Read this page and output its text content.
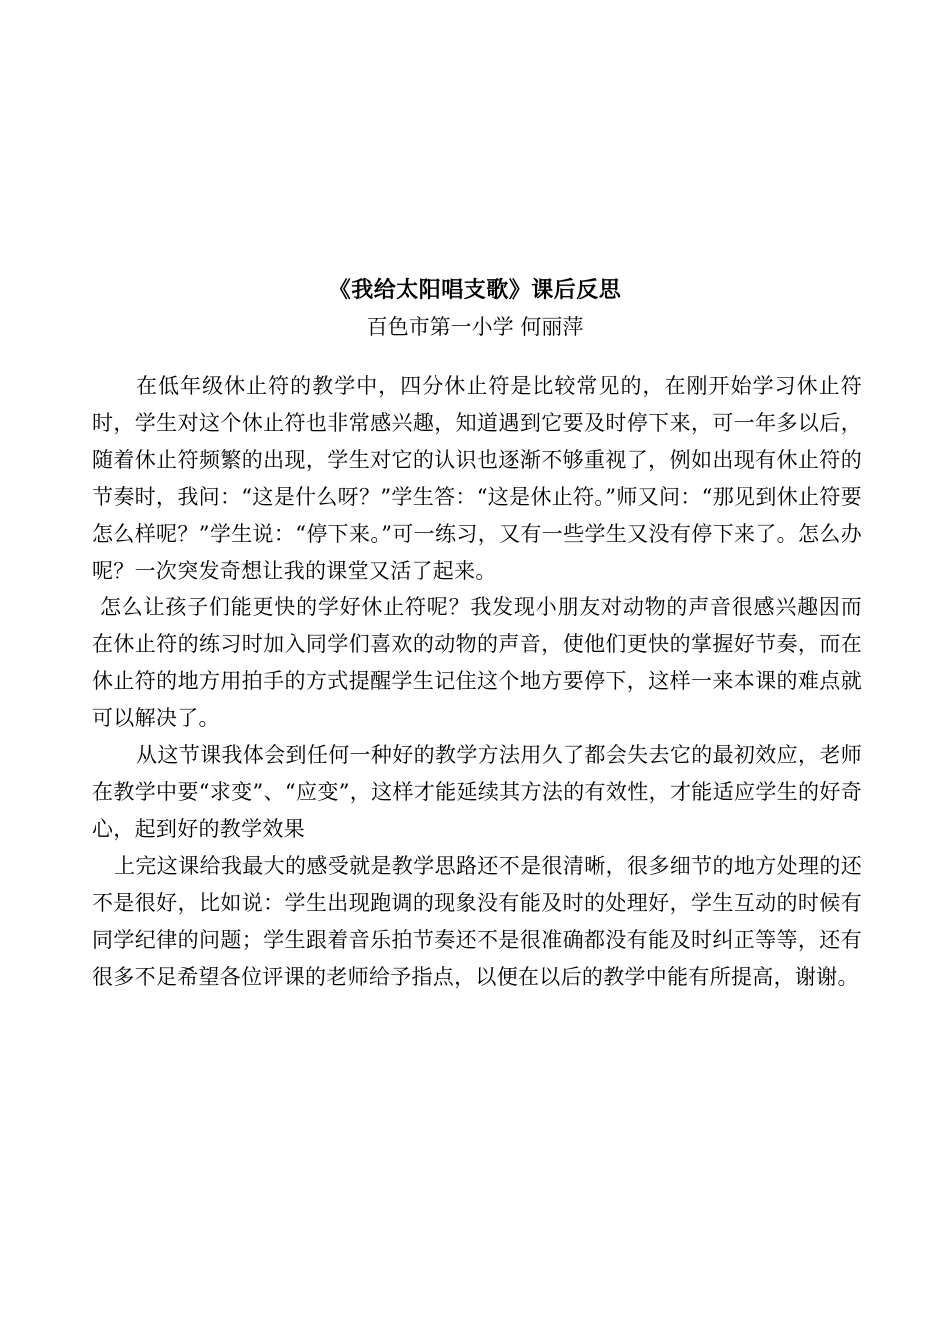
《我给太阳唱支歌》课后反思
百色市第一小学 何丽萍

在低年级休止符的教学中，四分休止符是比较常见的，在刚开始学习休止符时，学生对这个休止符也非常感兴趣，知道遇到它要及时停下来，可一年多以后，随着休止符频繁的出现，学生对它的认识也逐渐不够重视了，例如出现有休止符的节奏时，我问：“这是什么呀？”学生答：“这是休止符。”师又问：“那见到休止符要怎么样呢？”学生说：“停下来。”可一练习，又有一些学生又没有停下来了。怎么办呢？一次突发奇想让我的课堂又活了起来。

怎么让孩子们能更快的学好休止符呢？我发现小朋友对动物的声音很感兴趣因而在休止符的练习时加入同学们喜欢的动物的声音，使他们更快的掌握好节奏，而在休止符的地方用拍手的方式提醒学生记住这个地方要停下，这样一来本课的难点就可以解决了。

从这节课我体会到任何一种好的教学方法用久了都会失去它的最初效应，老师在教学中要“求变”、“应变”，这样才能延续其方法的有效性，才能适应学生的好奇心，起到好的教学效果

上完这课给我最大的感受就是教学思路还不是很清晰，很多细节的地方处理的还不是很好，比如说：学生出现跑调的现象没有能及时的处理好，学生互动的时候有同学纪律的问题；学生跟着音乐拍节奏还不是很准确都没有能及时纠正等等，还有很多不足希望各位评课的老师给予指点，以便在以后的教学中能有所提高，谢谢。
